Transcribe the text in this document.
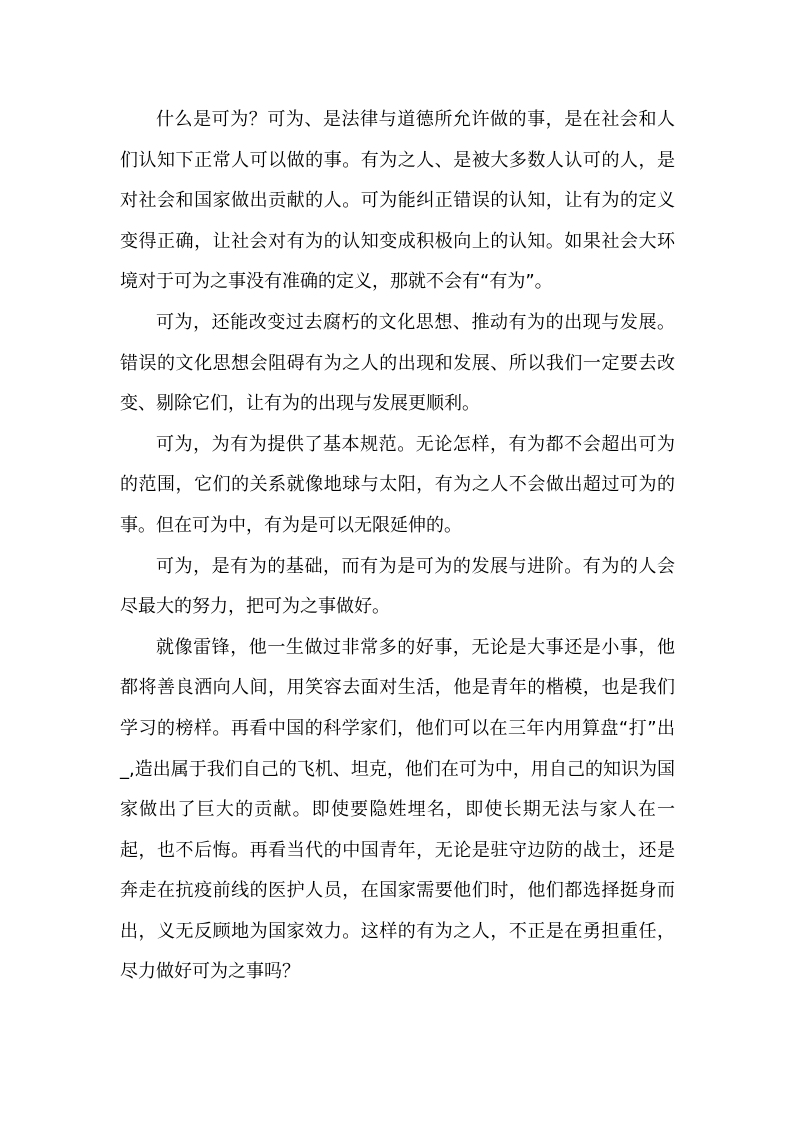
什么是可为？可为、是法律与道德所允许做的事，是在社会和人们认知下正常人可以做的事。有为之人、是被大多数人认可的人，是对社会和国家做出贡献的人。可为能纠正错误的认知，让有为的定义变得正确，让社会对有为的认知变成积极向上的认知。如果社会大环境对于可为之事没有准确的定义，那就不会有“有为”。

可为，还能改变过去腐朽的文化思想、推动有为的出现与发展。错误的文化思想会阻碍有为之人的出现和发展、所以我们一定要去改变、剔除它们，让有为的出现与发展更顺利。

可为，为有为提供了基本规范。无论怎样，有为都不会超出可为的范围，它们的关系就像地球与太阳，有为之人不会做出超过可为的事。但在可为中，有为是可以无限延伸的。

可为，是有为的基础，而有为是可为的发展与进阶。有为的人会尽最大的努力，把可为之事做好。

就像雷锋，他一生做过非常多的好事，无论是大事还是小事，他都将善良洒向人间，用笑容去面对生活，他是青年的楷模，也是我们学习的榜样。再看中国的科学家们，他们可以在三年内用算盘“打”出_,造出属于我们自己的飞机、坦克，他们在可为中，用自己的知识为国家做出了巨大的贡献。即使要隐姓埋名，即使长期无法与家人在一起，也不后悔。再看当代的中国青年，无论是驻守边防的战士，还是奔走在抗疫前线的医护人员，在国家需要他们时，他们都选择挺身而出，义无反顾地为国家效力。这样的有为之人，不正是在勇担重任，尽力做好可为之事吗？
